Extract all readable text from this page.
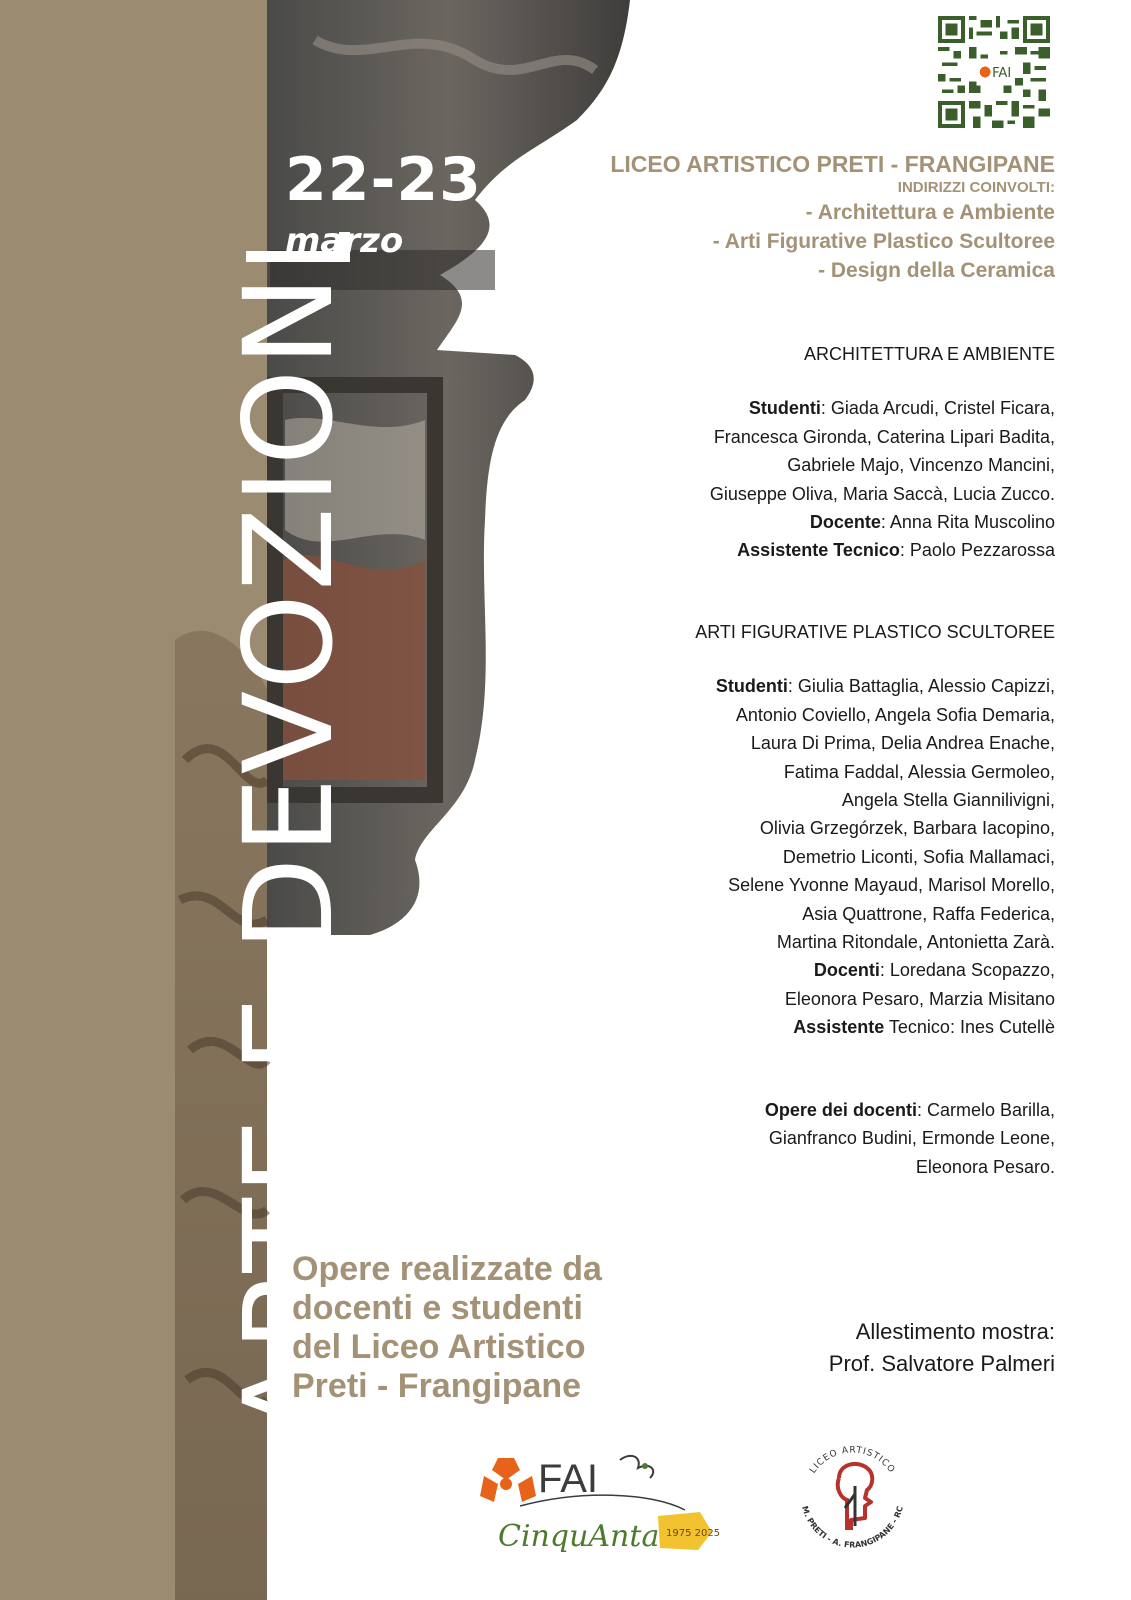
ARTE E DEVOZION
22-23
marzo
FAI
LICEO ARTISTICO PRETI - FRANGIPANE
INDIRIZZI COINVOLTI:
- Architettura e Ambiente
- Arti Figurative Plastico Scultoree
- Design della Ceramica
ARCHITETTURA E AMBIENTE
Studenti: Giada Arcudi, Cristel Ficara,
Francesca Gironda, Caterina Lipari Badita,
Gabriele Majo, Vincenzo Mancini,
Giuseppe Oliva, Maria Saccà, Lucia Zucco.
Docente: Anna Rita Muscolino
Assistente Tecnico: Paolo Pezzarossa
ARTI FIGURATIVE PLASTICO SCULTOREE
Studenti: Giulia Battaglia, Alessio Capizzi,
Antonio Coviello, Angela Sofia Demaria,
Laura Di Prima, Delia Andrea Enache,
Fatima Faddal, Alessia Germoleo,
Angela Stella Giannilivigni,
Olivia Grzegórzek, Barbara Iacopino,
Demetrio Liconti, Sofia Mallamaci,
Selene Yvonne Mayaud, Marisol Morello,
Asia Quattrone, Raffa Federica,
Martina Ritondale, Antonietta Zarà.
Docenti: Loredana Scopazzo,
Eleonora Pesaro, Marzia Misitano
Assistente Tecnico: Ines Cutellè
Opere dei docenti: Carmelo Barilla,
Gianfranco Budini, Ermonde Leone,
Eleonora Pesaro.
Opere realizzate da
docenti e studenti
del Liceo Artistico
Preti - Frangipane
Allestimento mostra:
Prof. Salvatore Palmeri
FAI
CinquAnta 1975 2025
LICEO ARTISTICO
M. PRETI - A. FRANGIPANE - RC
